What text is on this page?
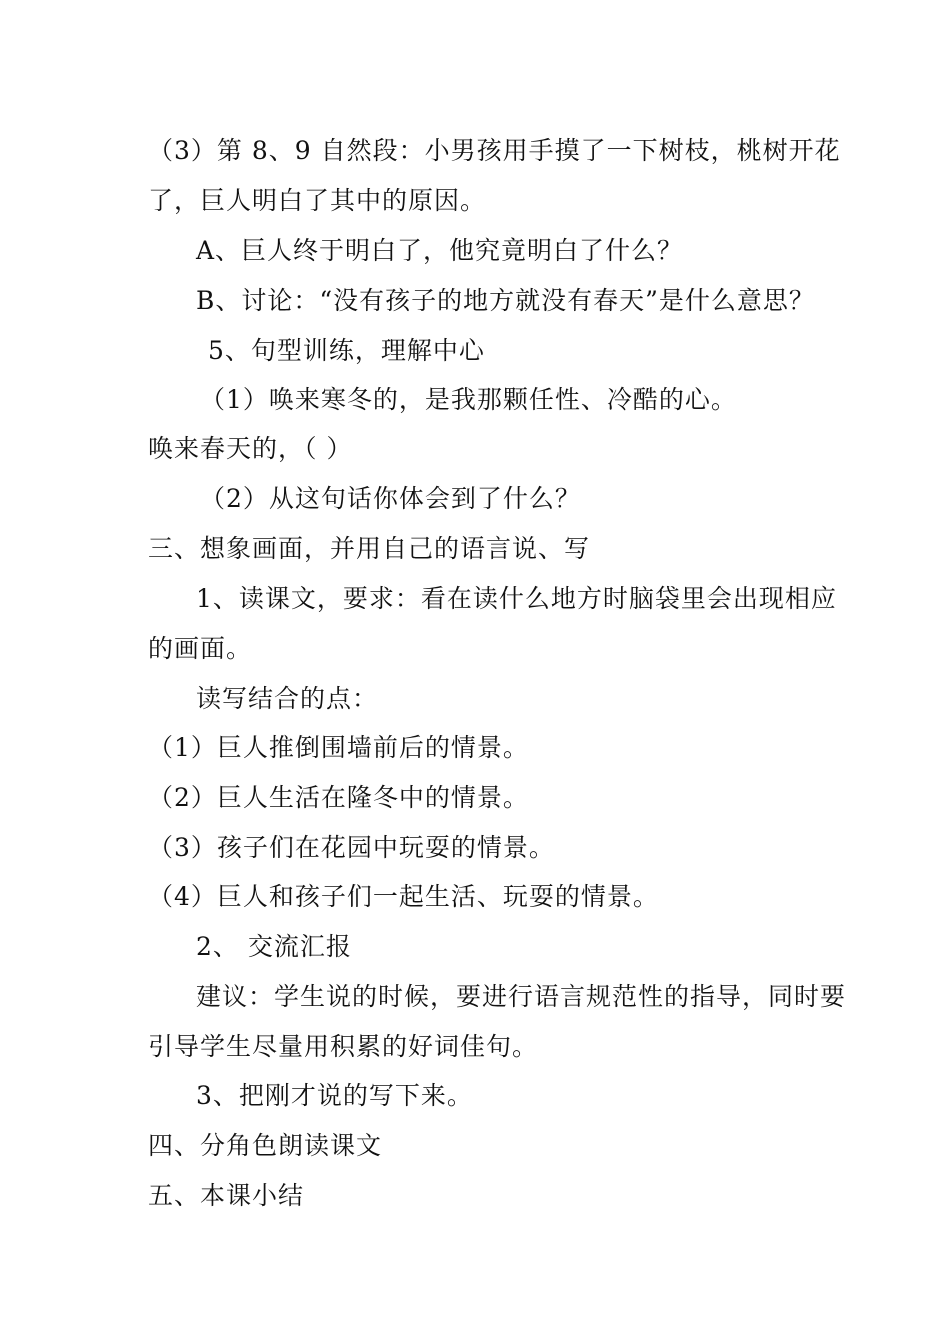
（3）第 8、9 自然段：小男孩用手摸了一下树枝，桃树开花
了，巨人明白了其中的原因。
A、巨人终于明白了，他究竟明白了什么？
B、讨论：“没有孩子的地方就没有春天”是什么意思？
5、句型训练，理解中心
（1）唤来寒冬的，是我那颗任性、冷酷的心。
唤来春天的，（ ）
（2）从这句话你体会到了什么？
三、想象画面，并用自己的语言说、写
1、读课文，要求：看在读什么地方时脑袋里会出现相应
的画面。
读写结合的点：
（1）巨人推倒围墙前后的情景。
（2）巨人生活在隆冬中的情景。
（3）孩子们在花园中玩耍的情景。
（4）巨人和孩子们一起生活、玩耍的情景。
2、 交流汇报
建议：学生说的时候，要进行语言规范性的指导，同时要
引导学生尽量用积累的好词佳句。
3、把刚才说的写下来。
四、分角色朗读课文
五、本课小结
